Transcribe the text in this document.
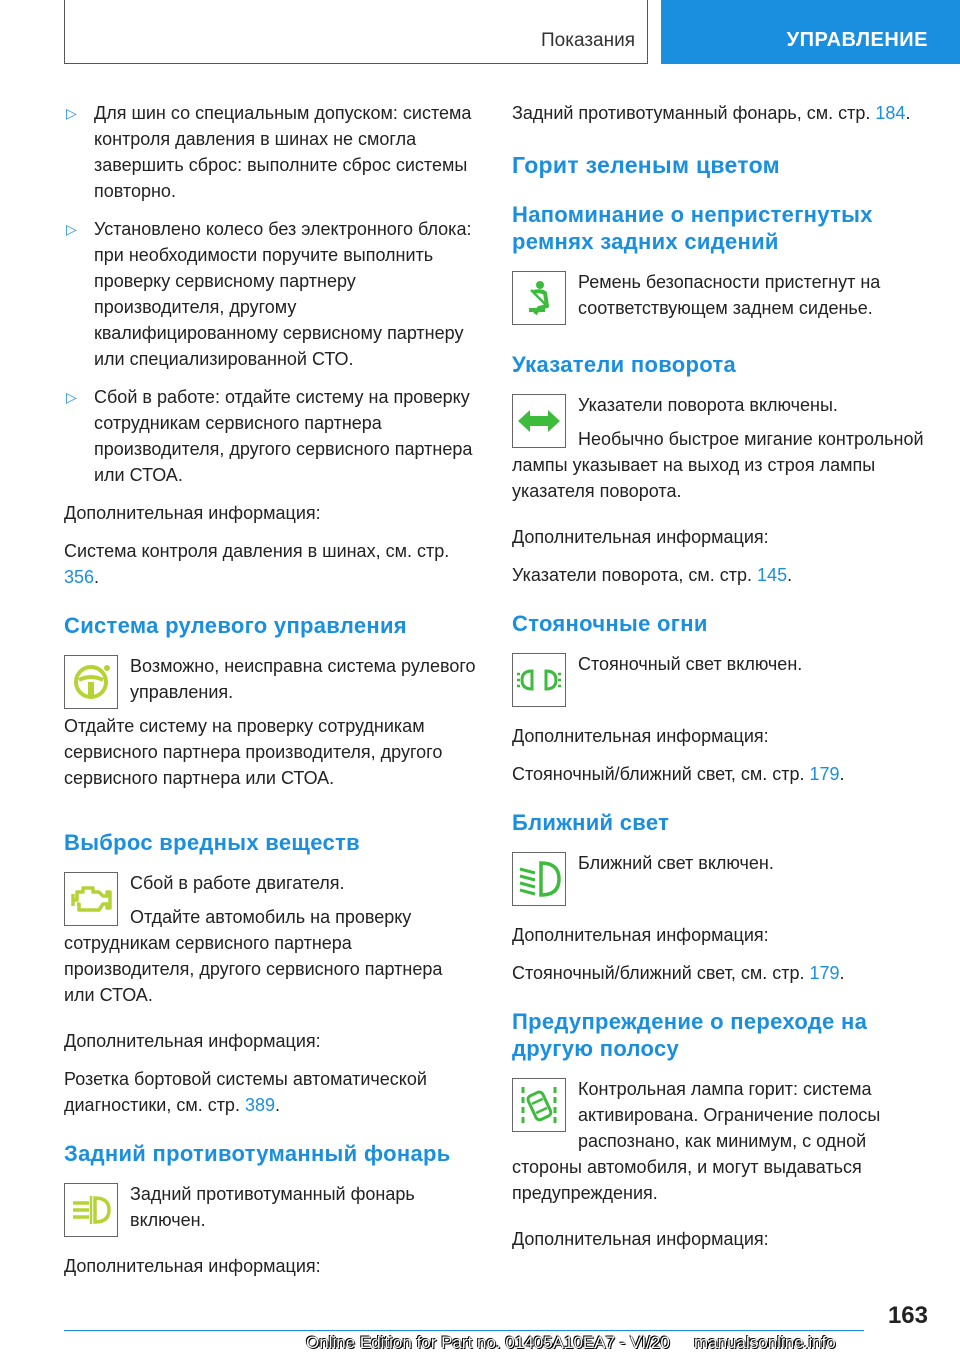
Показания	УПРАВЛЕНИЕ
▷ Для шин со специальным допуском: система контроля давления в шинах не смогла завершить сброс: выполните сброс системы повторно.
▷ Установлено колесо без электронного блока: при необходимости поручите выполнить проверку сервисному партнеру производителя, другому квалифицированному сервисному партнеру или специализированной СТО.
▷ Сбой в работе: отдайте систему на проверку сотрудникам сервисного партнера производителя, другого сервисного партнера или СТОА.

Дополнительная информация:

Система контроля давления в шинах, см. стр. 356.

Система рулевого управления

Возможно, неисправна система рулевого управления.

Отдайте систему на проверку сотрудникам сервисного партнера производителя, другого сервисного партнера или СТОА.

Выброс вредных веществ

Сбой в работе двигателя.

Отдайте автомобиль на проверку сотрудникам сервисного партнера производителя, другого сервисного партнера или СТОА.

Дополнительная информация:

Розетка бортовой системы автоматической диагностики, см. стр. 389.

Задний противотуманный фонарь

Задний противотуманный фонарь включен.

Дополнительная информация:

Задний противотуманный фонарь, см. стр. 184.

Горит зеленым цветом
Напоминание о непристегнутых ремнях задних сидений

Ремень безопасности пристегнут на соответствующем заднем сиденье.

Указатели поворота

Указатели поворота включены.

Необычно быстрое мигание контрольной лампы указывает на выход из строя лампы указателя поворота.

Дополнительная информация:

Указатели поворота, см. стр. 145.

Стояночные огни

Стояночный свет включен.

Дополнительная информация:

Стояночный/ближний свет, см. стр. 179.

Ближний свет

Ближний свет включен.

Дополнительная информация:

Стояночный/ближний свет, см. стр. 179.

Предупреждение о переходе на другую полосу

Контрольная лампа горит: система активирована. Ограничение полосы распознано, как минимум, с одной стороны автомобиля, и могут выдаваться предупреждения.

Дополнительная информация:

163
Online Edition for Part no. 01405A10EA7 - VI/20 manualsonline.info
